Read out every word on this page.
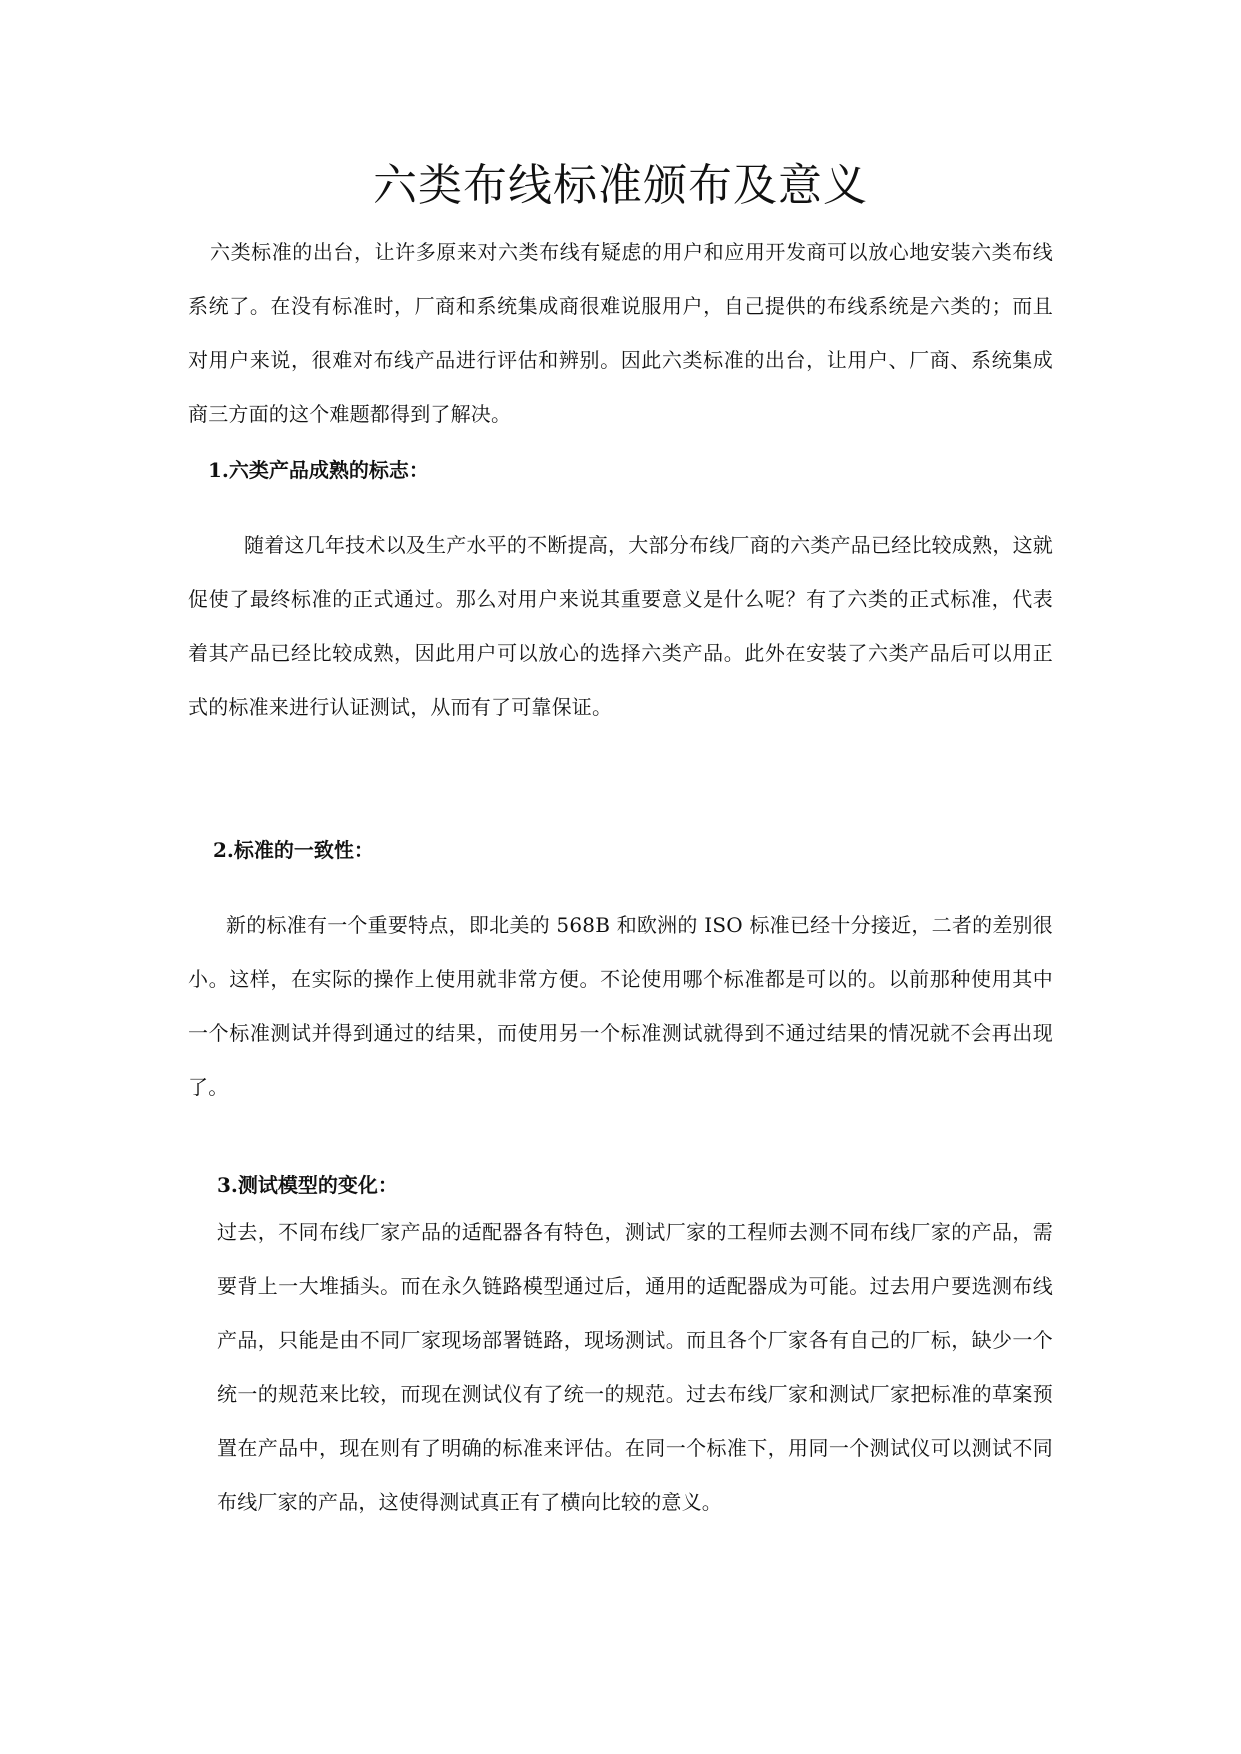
六类布线标准颁布及意义

六类标准的出台，让许多原来对六类布线有疑虑的用户和应用开发商可以放心地安装六类布线系统了。在没有标准时，厂商和系统集成商很难说服用户，自己提供的布线系统是六类的；而且对用户来说，很难对布线产品进行评估和辨别。因此六类标准的出台，让用户、厂商、系统集成商三方面的这个难题都得到了解决。

1.六类产品成熟的标志：

随着这几年技术以及生产水平的不断提高，大部分布线厂商的六类产品已经比较成熟，这就促使了最终标准的正式通过。那么对用户来说其重要意义是什么呢？有了六类的正式标准，代表着其产品已经比较成熟，因此用户可以放心的选择六类产品。此外在安装了六类产品后可以用正式的标准来进行认证测试，从而有了可靠保证。

2.标准的一致性：

新的标准有一个重要特点，即北美的 568B 和欧洲的 ISO 标准已经十分接近，二者的差别很小。这样，在实际的操作上使用就非常方便。不论使用哪个标准都是可以的。以前那种使用其中一个标准测试并得到通过的结果，而使用另一个标准测试就得到不通过结果的情况就不会再出现了。

3.测试模型的变化：

过去，不同布线厂家产品的适配器各有特色，测试厂家的工程师去测不同布线厂家的产品，需要背上一大堆插头。而在永久链路模型通过后，通用的适配器成为可能。过去用户要选测布线产品，只能是由不同厂家现场部署链路，现场测试。而且各个厂家各有自己的厂标，缺少一个统一的规范来比较，而现在测试仪有了统一的规范。过去布线厂家和测试厂家把标准的草案预置在产品中，现在则有了明确的标准来评估。在同一个标准下，用同一个测试仪可以测试不同布线厂家的产品，这使得测试真正有了横向比较的意义。
